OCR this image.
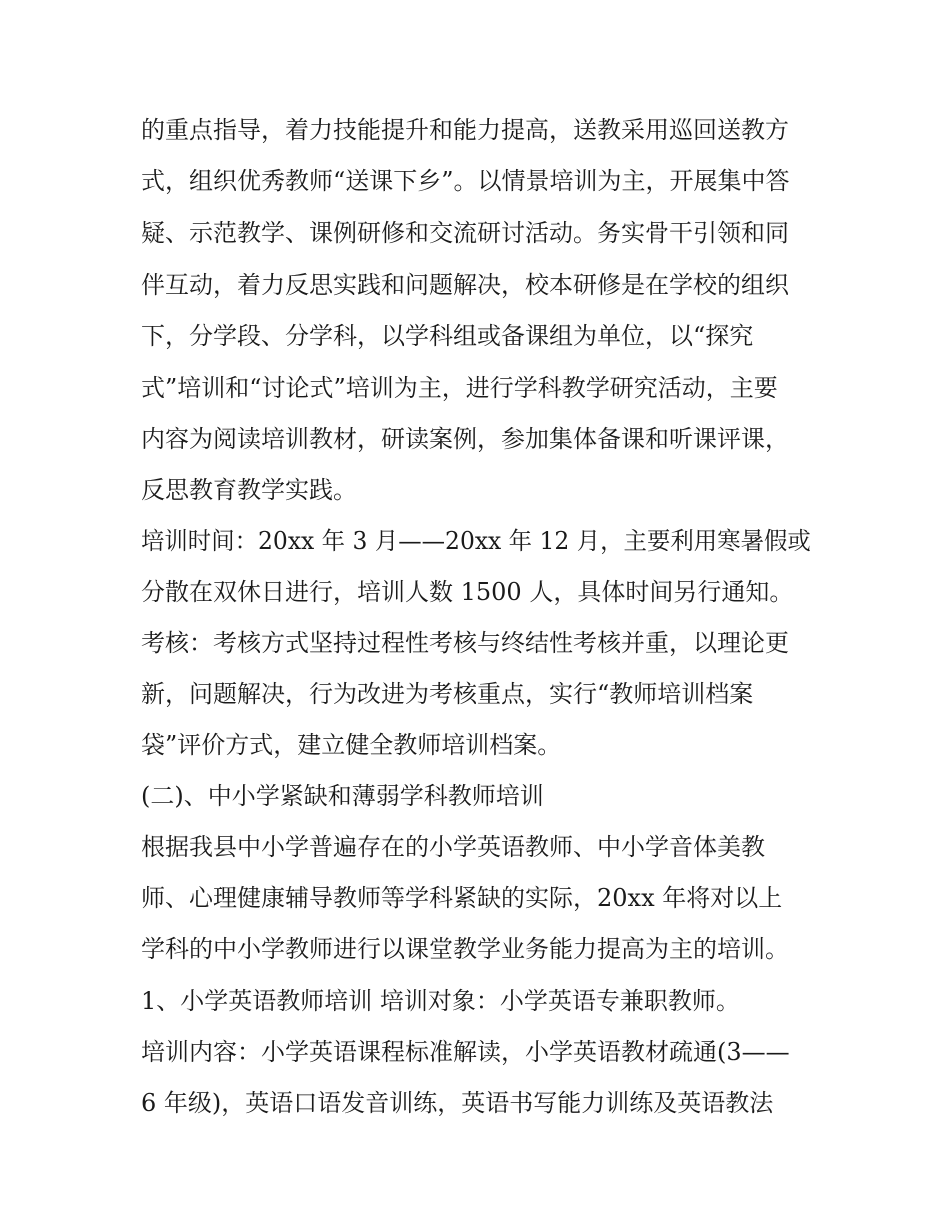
的重点指导，着力技能提升和能力提高，送教采用巡回送教方
式，组织优秀教师“送课下乡”。以情景培训为主，开展集中答
疑、示范教学、课例研修和交流研讨活动。务实骨干引领和同
伴互动，着力反思实践和问题解决，校本研修是在学校的组织
下，分学段、分学科，以学科组或备课组为单位，以“探究
式”培训和“讨论式”培训为主，进行学科教学研究活动，主要
内容为阅读培训教材，研读案例，参加集体备课和听课评课，
反思教育教学实践。
培训时间：20xx 年 3 月——20xx 年 12 月，主要利用寒暑假或
分散在双休日进行，培训人数 1500 人，具体时间另行通知。
考核：考核方式坚持过程性考核与终结性考核并重，以理论更
新，问题解决，行为改进为考核重点，实行“教师培训档案
袋”评价方式，建立健全教师培训档案。
(二)、中小学紧缺和薄弱学科教师培训
根据我县中小学普遍存在的小学英语教师、中小学音体美教
师、心理健康辅导教师等学科紧缺的实际，20xx 年将对以上
学科的中小学教师进行以课堂教学业务能力提高为主的培训。
1、小学英语教师培训 培训对象：小学英语专兼职教师。
培训内容：小学英语课程标准解读，小学英语教材疏通(3——
6 年级)，英语口语发音训练，英语书写能力训练及英语教法
